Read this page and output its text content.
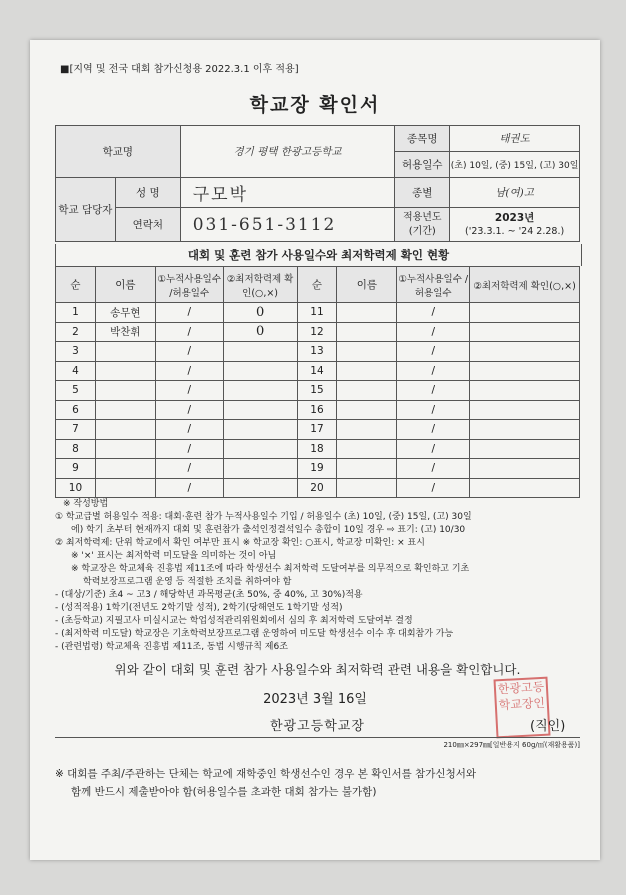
■[지역 및 전국 대회 참가신청용 2022.3.1 이후 적용]
학교장 확인서
학교명		경기 평택 한광고등학교	종목명	태권도
			허용일수	(초) 10일, (중) 15일, (고) 30일
학교 담당자	성 명	구모박	종별	남(여)고
	연락처	031-651-3112	적용년도 (기간)	2023년
('23.3.1. ~ '24 2.28.)
대회 및 훈련 참가 사용일수와 최저학력제 확인 현황
순	이름	①누적사용일수 /허용일수	②최저학력제 확인(○,×)	순	이름	①누적사용일수 /허용일수	②최저학력제 확인(○,×)
1	송무현	/	0	11		/	
2	박찬휘	/	0	12		/	
3		/		13		/	
4		/		14		/	
5		/		15		/	
6		/		16		/	
7		/		17		/	
8		/		18		/	
9		/		19		/	
10		/		20		/	
※ 작성방법
① 학교급별 허용일수 적용: 대회·훈련 참가 누적사용일수 기입 / 허용일수 (초) 10일, (중) 15일, (고) 30일
에) 학기 초부터 현재까지 대회 및 훈련참가 출석인정결석일수 총합이 10일 경우 ⇨ 표기: (고) 10/30
② 최저학력제: 단위 학교에서 확인 여부만 표시 ※ 학교장 확인: ○표시, 학교장 미확인: × 표시
※ '×' 표시는 최저학력 미도달을 의미하는 것이 아님
※ 학교장은 학교체육 진흥법 제11조에 따라 학생선수 최저학력 도달여부를 의무적으로 확인하고 기초
학력보장프로그램 운영 등 적절한 조치를 취하여야 함
- (대상/기준) 초4 ~ 고3 / 해당학년 과목평균(초 50%, 중 40%, 고 30%)적용
- (성적적용) 1학기(전년도 2학기말 성적), 2학기(당해연도 1학기말 성적)
- (초등학교) 지필고사 미실시교는 학업성적관리위원회에서 심의 후 최저학력 도달여부 결정
- (최저학력 미도달) 학교장은 기초학력보장프로그램 운영하여 미도달 학생선수 이수 후 대회참가 가능
- (관련법령) 학교체육 진흥법 제11조, 동법 시행규칙 제6조
위와 같이 대회 및 훈련 참가 사용일수와 최저학력 관련 내용을 확인합니다.
2023년 3월 16일
한광고등학교장
한광고등학교장인
(직인)
210㎜×297㎜[일반용지 60g/㎡(재활용품)]
※ 대회를 주최/주관하는 단체는 학교에 재학중인 학생선수인 경우 본 확인서를 참가신청서와
함께 반드시 제출받아야 함(허용일수를 초과한 대회 참가는 불가함)
